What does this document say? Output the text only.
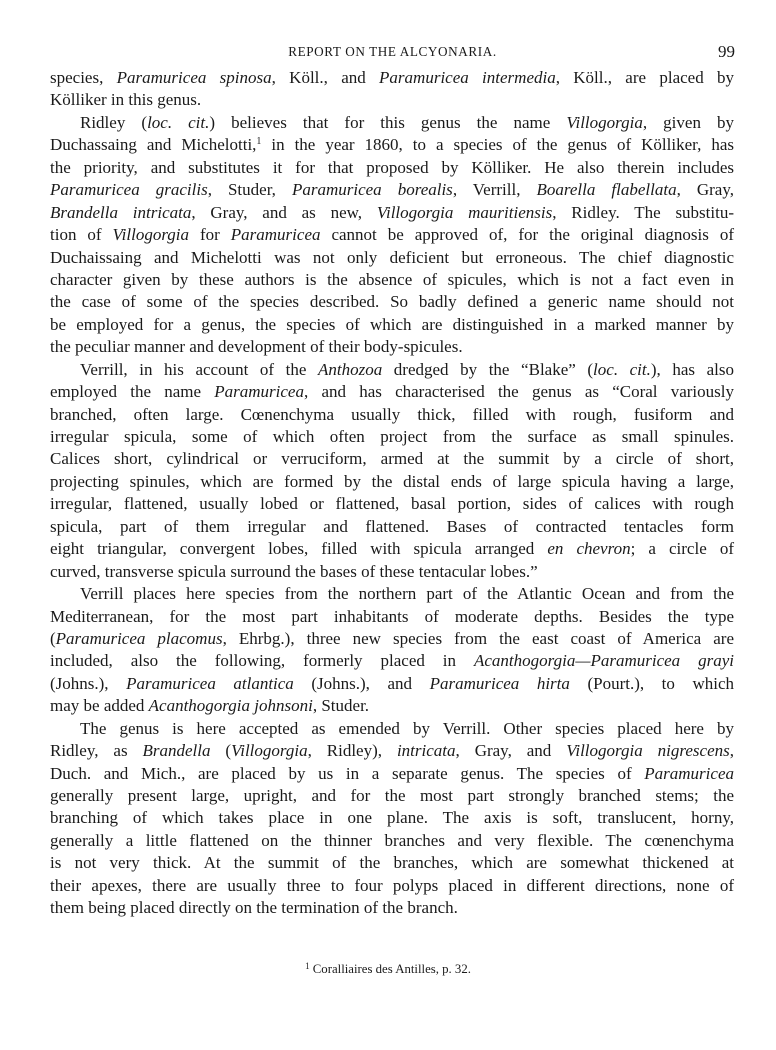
REPORT ON THE ALCYONARIA.	99
species, Paramuricea spinosa, Köll., and Paramuricea intermedia, Köll., are placed by
Kölliker in this genus.
Ridley (loc. cit.) believes that for this genus the name Villogorgia, given by
Duchassaing and Michelotti,$^1$ in the year 1860, to a species of the genus of Kölliker, has
the priority, and substitutes it for that proposed by Kölliker. He also therein includes
Paramuricea gracilis, Studer, Paramuricea borealis, Verrill, Boarella flabellata, Gray,
Brandella intricata, Gray, and as new, Villogorgia mauritiensis, Ridley. The substitu-
tion of Villogorgia for Paramuricea cannot be approved of, for the original diagnosis of
Duchaissaing and Michelotti was not only deficient but erroneous. The chief diagnostic
character given by these authors is the absence of spicules, which is not a fact even in
the case of some of the species described. So badly defined a generic name should not
be employed for a genus, the species of which are distinguished in a marked manner by
the peculiar manner and development of their body-spicules.
Verrill, in his account of the Anthozoa dredged by the “Blake” (loc. cit.), has also
employed the name Paramuricea, and has characterised the genus as “Coral variously
branched, often large. Cœnenchyma usually thick, filled with rough, fusiform and
irregular spicula, some of which often project from the surface as small spinules.
Calices short, cylindrical or verruciform, armed at the summit by a circle of short,
projecting spinules, which are formed by the distal ends of large spicula having a large,
irregular, flattened, usually lobed or flattened, basal portion, sides of calices with rough
spicula, part of them irregular and flattened. Bases of contracted tentacles form
eight triangular, convergent lobes, filled with spicula arranged en chevron; a circle of
curved, transverse spicula surround the bases of these tentacular lobes.”
Verrill places here species from the northern part of the Atlantic Ocean and from the
Mediterranean, for the most part inhabitants of moderate depths. Besides the type
(Paramuricea placomus, Ehrbg.), three new species from the east coast of America are
included, also the following, formerly placed in Acanthogorgia—Paramuricea grayi
(Johns.), Paramuricea atlantica (Johns.), and Paramuricea hirta (Pourt.), to which
may be added Acanthogorgia johnsoni, Studer.
The genus is here accepted as emended by Verrill. Other species placed here by
Ridley, as Brandella (Villogorgia, Ridley), intricata, Gray, and Villogorgia nigrescens,
Duch. and Mich., are placed by us in a separate genus. The species of Paramuricea
generally present large, upright, and for the most part strongly branched stems; the
branching of which takes place in one plane. The axis is soft, translucent, horny,
generally a little flattened on the thinner branches and very flexible. The cœnenchyma
is not very thick. At the summit of the branches, which are somewhat thickened at
their apexes, there are usually three to four polyps placed in different directions, none of
them being placed directly on the termination of the branch.
$^1$ Coralliaires des Antilles, p. 32.
